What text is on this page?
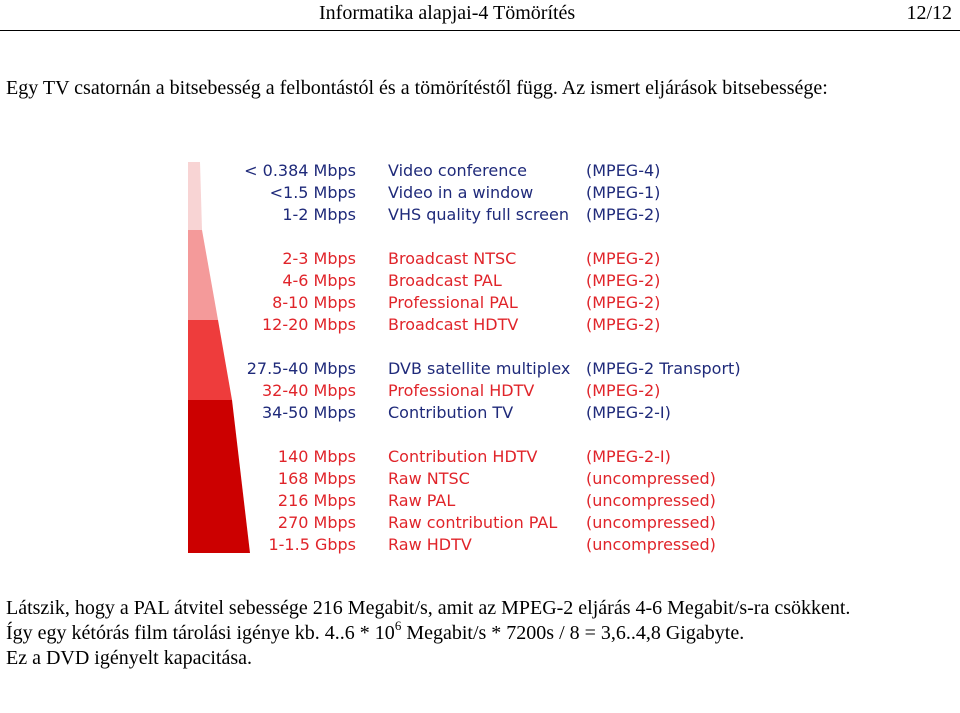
Informatika alapjai-4 Tömörítés	12/12
Egy TV csatornán a bitsebesség a felbontástól és a tömörítéstől függ. Az ismert eljárások bitsebessége:
< 0.384 Mbps Video conference	(MPEG-4)
<1.5 Mbps Video in a window	(MPEG-1)
1-2 Mbps VHS quality full screen (MPEG-2)
2-3 Mbps Broadcast NTSC	(MPEG-2)
4-6 Mbps Broadcast PAL	(MPEG-2)
8-10 Mbps Professional PAL	(MPEG-2)
12-20 Mbps Broadcast HDTV	(MPEG-2)
27.5-40 Mbps DVB satellite multiplex (MPEG-2 Transport)
32-40 Mbps Professional HDTV	(MPEG-2)
34-50 Mbps Contribution TV	(MPEG-2-I)
140 Mbps Contribution HDTV	(MPEG-2-I)
168 Mbps Raw NTSC	(uncompressed)
216 Mbps Raw PAL	(uncompressed)
270 Mbps Raw contribution PAL (uncompressed)
1-1.5 Gbps Raw HDTV	(uncompressed)

Látszik, hogy a PAL átvitel sebessége 216 Megabit/s, amit az MPEG-2 eljárás 4-6 Megabit/s-ra csökkent.

Így egy kétórás film tárolási igénye kb. $4..6 * 10^6$ Megabit/s * 7200s / 8 = 3,6..4,8 Gigabyte.

Ez a DVD igényelt kapacitása.
